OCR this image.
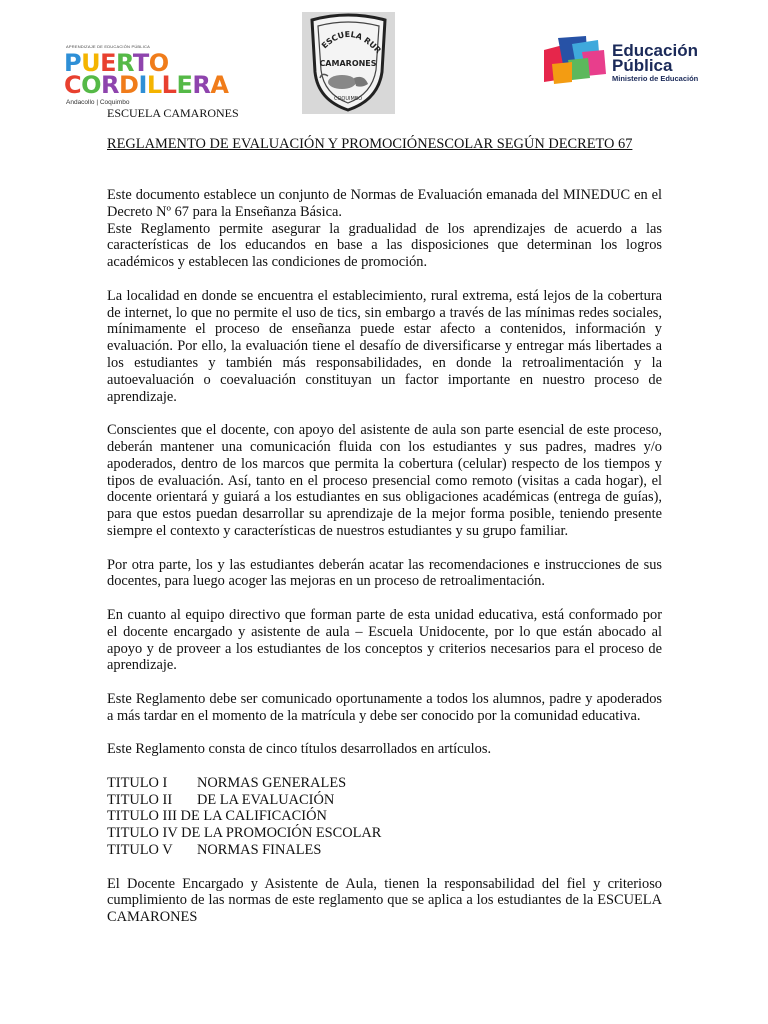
APRENDIZAJE DE EDUCACIÓN PÚBLICA
PUERTO
CORDILLERA
Andacollo | Coquimbo
ESCUELA RUR
CAMARONES
COQUIMBO
Educación
Pública
Ministerio de Educación
ESCUELA CAMARONES
REGLAMENTO DE EVALUACIÓN Y PROMOCIÓNESCOLAR SEGÚN DECRETO 67

Este documento establece un conjunto de Normas de Evaluación emanada del MINEDUC en el Decreto Nº 67 para la Enseñanza Básica.

Este Reglamento permite asegurar la gradualidad de los aprendizajes de acuerdo a las características de los educandos en base a las disposiciones que determinan los logros académicos y establecen las condiciones de promoción.

La localidad en donde se encuentra el establecimiento, rural extrema, está lejos de la cobertura de internet, lo que no permite el uso de tics, sin embargo a través de las mínimas redes sociales, mínimamente el proceso de enseñanza puede estar afecto a contenidos, información y evaluación. Por ello, la evaluación tiene el desafío de diversificarse y entregar más libertades a los estudiantes y también más responsabilidades, en donde la retroalimentación y la autoevaluación o coevaluación constituyan un factor importante en nuestro proceso de aprendizaje.

Conscientes que el docente, con apoyo del asistente de aula son parte esencial de este proceso, deberán mantener una comunicación fluida con los estudiantes y sus padres, madres y/o apoderados, dentro de los marcos que permita la cobertura (celular) respecto de los tiempos y tipos de evaluación. Así, tanto en el proceso presencial como remoto (visitas a cada hogar), el docente orientará y guiará a los estudiantes en sus obligaciones académicas (entrega de guías), para que estos puedan desarrollar su aprendizaje de la mejor forma posible, teniendo presente siempre el contexto y características de nuestros estudiantes y su grupo familiar.

Por otra parte, los y las estudiantes deberán acatar las recomendaciones e instrucciones de sus docentes, para luego acoger las mejoras en un proceso de retroalimentación.

En cuanto al equipo directivo que forman parte de esta unidad educativa, está conformado por el docente encargado y asistente de aula – Escuela Unidocente, por lo que están abocado al apoyo y de proveer a los estudiantes de los conceptos y criterios necesarios para el proceso de aprendizaje.

Este Reglamento debe ser comunicado oportunamente a todos los alumnos, padre y apoderados a más tardar en el momento de la matrícula y debe ser conocido por la comunidad educativa.

Este Reglamento consta de cinco títulos desarrollados en artículos.

TITULO I NORMAS GENERALES
TITULO II DE LA EVALUACIÓN
TITULO III DE LA CALIFICACIÓN
TITULO IV DE LA PROMOCIÓN ESCOLAR
TITULO V NORMAS FINALES

El Docente Encargado y Asistente de Aula, tienen la responsabilidad del fiel y criterioso cumplimiento de las normas de este reglamento que se aplica a los estudiantes de la ESCUELA CAMARONES
